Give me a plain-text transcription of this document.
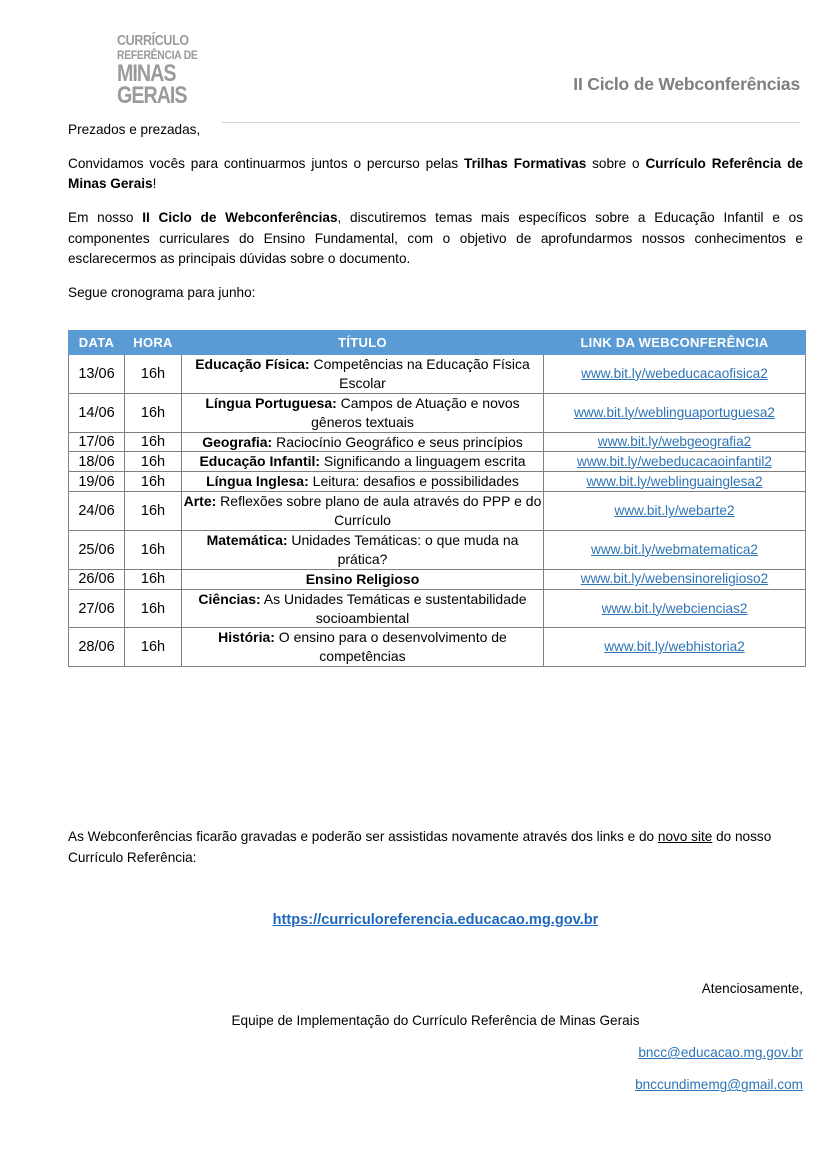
CURRÍCULO
REFERÊNCIA DE
MINAS
GERAIS	II Ciclo de Webconferências

Prezados e prezadas,

Convidamos vocês para continuarmos juntos o percurso pelas Trilhas Formativas sobre o Currículo Referência de Minas Gerais!

Em nosso II Ciclo de Webconferências, discutiremos temas mais específicos sobre a Educação Infantil e os componentes curriculares do Ensino Fundamental, com o objetivo de aprofundarmos nossos conhecimentos e esclarecermos as principais dúvidas sobre o documento.

Segue cronograma para junho:

DATA	HORA	TÍTULO	LINK DA WEBCONFERÊNCIA
13/06	16h	Educação Física: Competências na Educação Física Escolar	www.bit.ly/webeducacaofisica2
14/06	16h	Língua Portuguesa: Campos de Atuação e novos gêneros textuais	www.bit.ly/weblinguaportuguesa2
17/06	16h	Geografia: Raciocínio Geográfico e seus princípios	www.bit.ly/webgeografia2
18/06	16h	Educação Infantil: Significando a linguagem escrita	www.bit.ly/webeducacaoinfantil2
19/06	16h	Língua Inglesa: Leitura: desafios e possibilidades	www.bit.ly/weblinguainglesa2
24/06	16h	Arte: Reflexões sobre plano de aula através do PPP e do Currículo	www.bit.ly/webarte2
25/06	16h	Matemática: Unidades Temáticas: o que muda na prática?	www.bit.ly/webmatematica2
26/06	16h	Ensino Religioso	www.bit.ly/webensinoreligioso2
27/06	16h	Ciências: As Unidades Temáticas e sustentabilidade socioambiental	www.bit.ly/webciencias2
28/06	16h	História: O ensino para o desenvolvimento de competências	www.bit.ly/webhistoria2

As Webconferências ficarão gravadas e poderão ser assistidas novamente através dos links e do novo site do nosso Currículo Referência:

https://curriculoreferencia.educacao.mg.gov.br
Atenciosamente,
Equipe de Implementação do Currículo Referência de Minas Gerais
bncc@educacao.mg.gov.br
bnccundimemg@gmail.com
